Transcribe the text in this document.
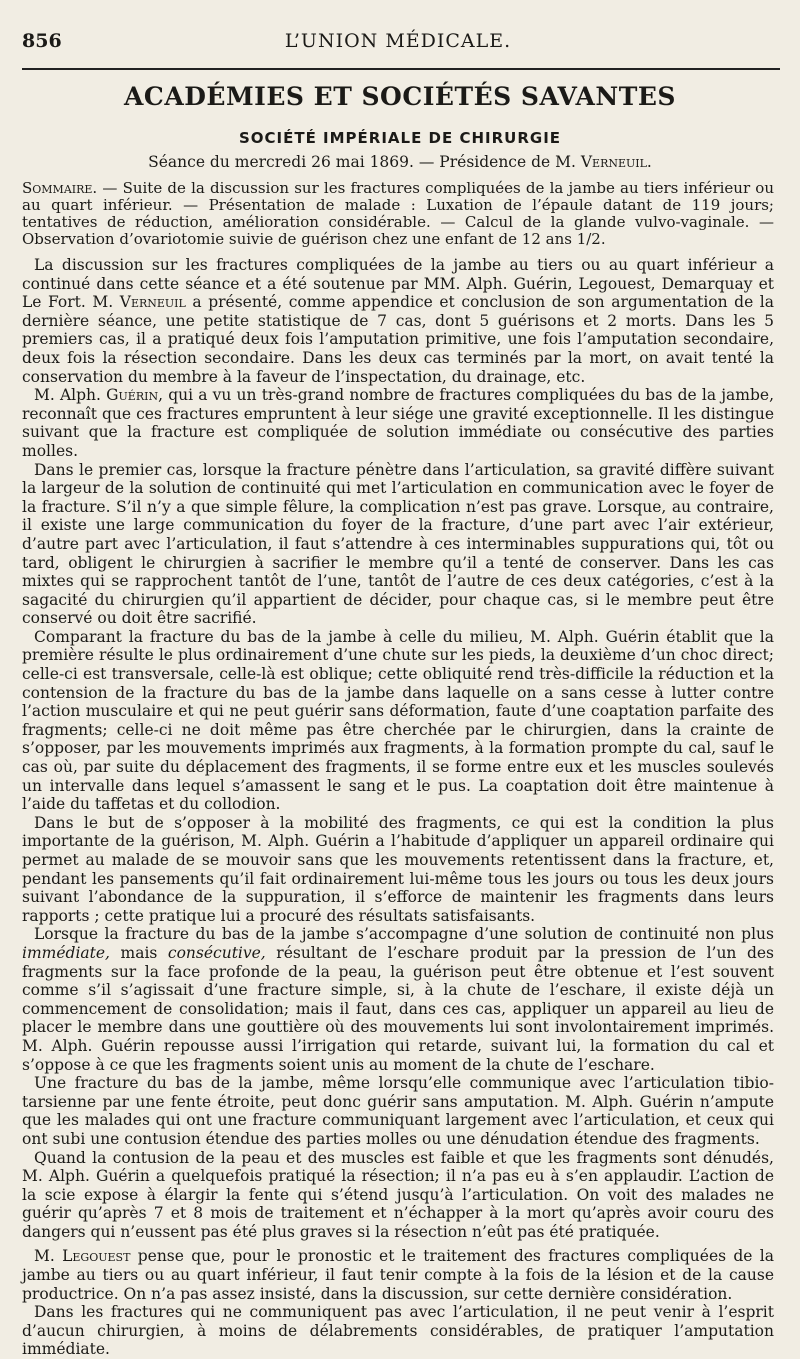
856	L’UNION MÉDICALE.
ACADÉMIES ET SOCIÉTÉS SAVANTES
SOCIÉTÉ IMPÉRIALE DE CHIRURGIE
Séance du mercredi 26 mai 1869. — Présidence de M. Verneuil.
Sommaire. — Suite de la discussion sur les fractures compliquées de la jambe au tiers inférieur ou au quart inférieur. — Présentation de malade : Luxation de l’épaule datant de 119 jours; tentatives de réduction, amélioration considérable. — Calcul de la glande vulvo-vaginale. — Observation d’ovariotomie suivie de guérison chez une enfant de 12 ans 1/2.

La discussion sur les fractures compliquées de la jambe au tiers ou au quart inférieur a continué dans cette séance et a été soutenue par MM. Alph. Guérin, Legouest, Demarquay et Le Fort. M. Verneuil a présenté, comme appendice et conclusion de son argumentation de la dernière séance, une petite statistique de 7 cas, dont 5 guérisons et 2 morts. Dans les 5 premiers cas, il a pratiqué deux fois l’amputation primitive, une fois l’amputation secondaire, deux fois la résection secondaire. Dans les deux cas terminés par la mort, on avait tenté la conservation du membre à la faveur de l’inspectation, du drainage, etc.

M. Alph. Guérin, qui a vu un très-grand nombre de fractures compliquées du bas de la jambe, reconnaît que ces fractures empruntent à leur siége une gravité exceptionnelle. Il les distingue suivant que la fracture est compliquée de solution immédiate ou consécutive des parties molles.

Dans le premier cas, lorsque la fracture pénètre dans l’articulation, sa gravité diffère suivant la largeur de la solution de continuité qui met l’articulation en communication avec le foyer de la fracture. S’il n’y a que simple fêlure, la complication n’est pas grave. Lorsque, au contraire, il existe une large communication du foyer de la fracture, d’une part avec l’air extérieur, d’autre part avec l’articulation, il faut s’attendre à ces interminables suppurations qui, tôt ou tard, obligent le chirurgien à sacrifier le membre qu’il a tenté de conserver. Dans les cas mixtes qui se rapprochent tantôt de l’une, tantôt de l’autre de ces deux catégories, c’est à la sagacité du chirurgien qu’il appartient de décider, pour chaque cas, si le membre peut être conservé ou doit être sacrifié.

Comparant la fracture du bas de la jambe à celle du milieu, M. Alph. Guérin établit que la première résulte le plus ordinairement d’une chute sur les pieds, la deuxième d’un choc direct; celle-ci est transversale, celle-là est oblique; cette obliquité rend très-difficile la réduction et la contension de la fracture du bas de la jambe dans laquelle on a sans cesse à lutter contre l’action musculaire et qui ne peut guérir sans déformation, faute d’une coaptation parfaite des fragments; celle-ci ne doit même pas être cherchée par le chirurgien, dans la crainte de s’opposer, par les mouvements imprimés aux fragments, à la formation prompte du cal, sauf le cas où, par suite du déplacement des fragments, il se forme entre eux et les muscles soulevés un intervalle dans lequel s’amassent le sang et le pus. La coaptation doit être maintenue à l’aide du taffetas et du collodion.

Dans le but de s’opposer à la mobilité des fragments, ce qui est la condition la plus importante de la guérison, M. Alph. Guérin a l’habitude d’appliquer un appareil ordinaire qui permet au malade de se mouvoir sans que les mouvements retentissent dans la fracture, et, pendant les pansements qu’il fait ordinairement lui-même tous les jours ou tous les deux jours suivant l’abondance de la suppuration, il s’efforce de maintenir les fragments dans leurs rapports ; cette pratique lui a procuré des résultats satisfaisants.

Lorsque la fracture du bas de la jambe s’accompagne d’une solution de continuité non plus immédiate, mais consécutive, résultant de l’eschare produit par la pression de l’un des fragments sur la face profonde de la peau, la guérison peut être obtenue et l’est souvent comme s’il s’agissait d’une fracture simple, si, à la chute de l’eschare, il existe déjà un commencement de consolidation; mais il faut, dans ces cas, appliquer un appareil au lieu de placer le membre dans une gouttière où des mouvements lui sont involontairement imprimés. M. Alph. Guérin repousse aussi l’irrigation qui retarde, suivant lui, la formation du cal et s’oppose à ce que les fragments soient unis au moment de la chute de l’eschare.

Une fracture du bas de la jambe, même lorsqu’elle communique avec l’articulation tibio-tarsienne par une fente étroite, peut donc guérir sans amputation. M. Alph. Guérin n’ampute que les malades qui ont une fracture communiquant largement avec l’articulation, et ceux qui ont subi une contusion étendue des parties molles ou une dénudation étendue des fragments.

Quand la contusion de la peau et des muscles est faible et que les fragments sont dénudés, M. Alph. Guérin a quelquefois pratiqué la résection; il n’a pas eu à s’en applaudir. L’action de la scie expose à élargir la fente qui s’étend jusqu’à l’articulation. On voit des malades ne guérir qu’après 7 et 8 mois de traitement et n’échapper à la mort qu’après avoir couru des dangers qui n’eussent pas été plus graves si la résection n’eût pas été pratiquée.

M. Legouest pense que, pour le pronostic et le traitement des fractures compliquées de la jambe au tiers ou au quart inférieur, il faut tenir compte à la fois de la lésion et de la cause productrice. On n’a pas assez insisté, dans la discussion, sur cette dernière considération.

Dans les fractures qui ne communiquent pas avec l’articulation, il ne peut venir à l’esprit d’aucun chirurgien, à moins de délabrements considérables, de pratiquer l’amputation immédiate.
